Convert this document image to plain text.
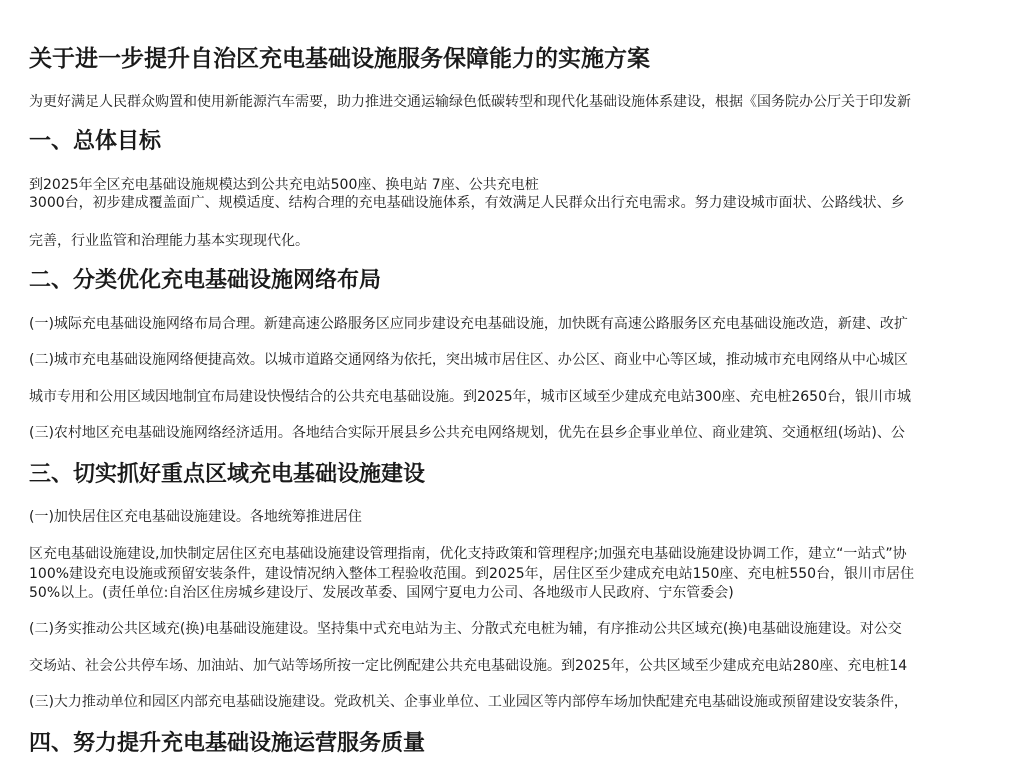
关于进一步提升自治区充电基础设施服务保障能力的实施方案
为更好满足人民群众购置和使用新能源汽车需要，助力推进交通运输绿色低碳转型和现代化基础设施体系建设，根据《国务院办公厅关于印发新
一、总体目标
到2025年全区充电基础设施规模达到公共充电站500座、换电站 7座、公共充电桩
3000台，初步建成覆盖面广、规模适度、结构合理的充电基础设施体系，有效满足人民群众出行充电需求。努力建设城市面状、公路线状、乡
完善，行业监管和治理能力基本实现现代化。
二、分类优化充电基础设施网络布局
(一)城际充电基础设施网络布局合理。新建高速公路服务区应同步建设充电基础设施，加快既有高速公路服务区充电基础设施改造，新建、改扩
(二)城市充电基础设施网络便捷高效。以城市道路交通网络为依托，突出城市居住区、办公区、商业中心等区域，推动城市充电网络从中心城区
城市专用和公用区域因地制宜布局建设快慢结合的公共充电基础设施。到2025年，城市区域至少建成充电站300座、充电桩2650台，银川市城
(三)农村地区充电基础设施网络经济适用。各地结合实际开展县乡公共充电网络规划，优先在县乡企事业单位、商业建筑、交通枢纽(场站)、公
三、切实抓好重点区域充电基础设施建设
(一)加快居住区充电基础设施建设。各地统筹推进居住
区充电基础设施建设,加快制定居住区充电基础设施建设管理指南，优化支持政策和管理程序;加强充电基础设施建设协调工作，建立“一站式”协
100%建设充电设施或预留安装条件，建设情况纳入整体工程验收范围。到2025年，居住区至少建成充电站150座、充电桩550台，银川市居住
50%以上。(责任单位:自治区住房城乡建设厅、发展改革委、国网宁夏电力公司、各地级市人民政府、宁东管委会)
(二)务实推动公共区域充(换)电基础设施建设。坚持集中式充电站为主、分散式充电桩为辅，有序推动公共区域充(换)电基础设施建设。对公交
交场站、社会公共停车场、加油站、加气站等场所按一定比例配建公共充电基础设施。到2025年，公共区域至少建成充电站280座、充电桩14
(三)大力推动单位和园区内部充电基础设施建设。党政机关、企事业单位、工业园区等内部停车场加快配建充电基础设施或预留建设安装条件，
四、努力提升充电基础设施运营服务质量
